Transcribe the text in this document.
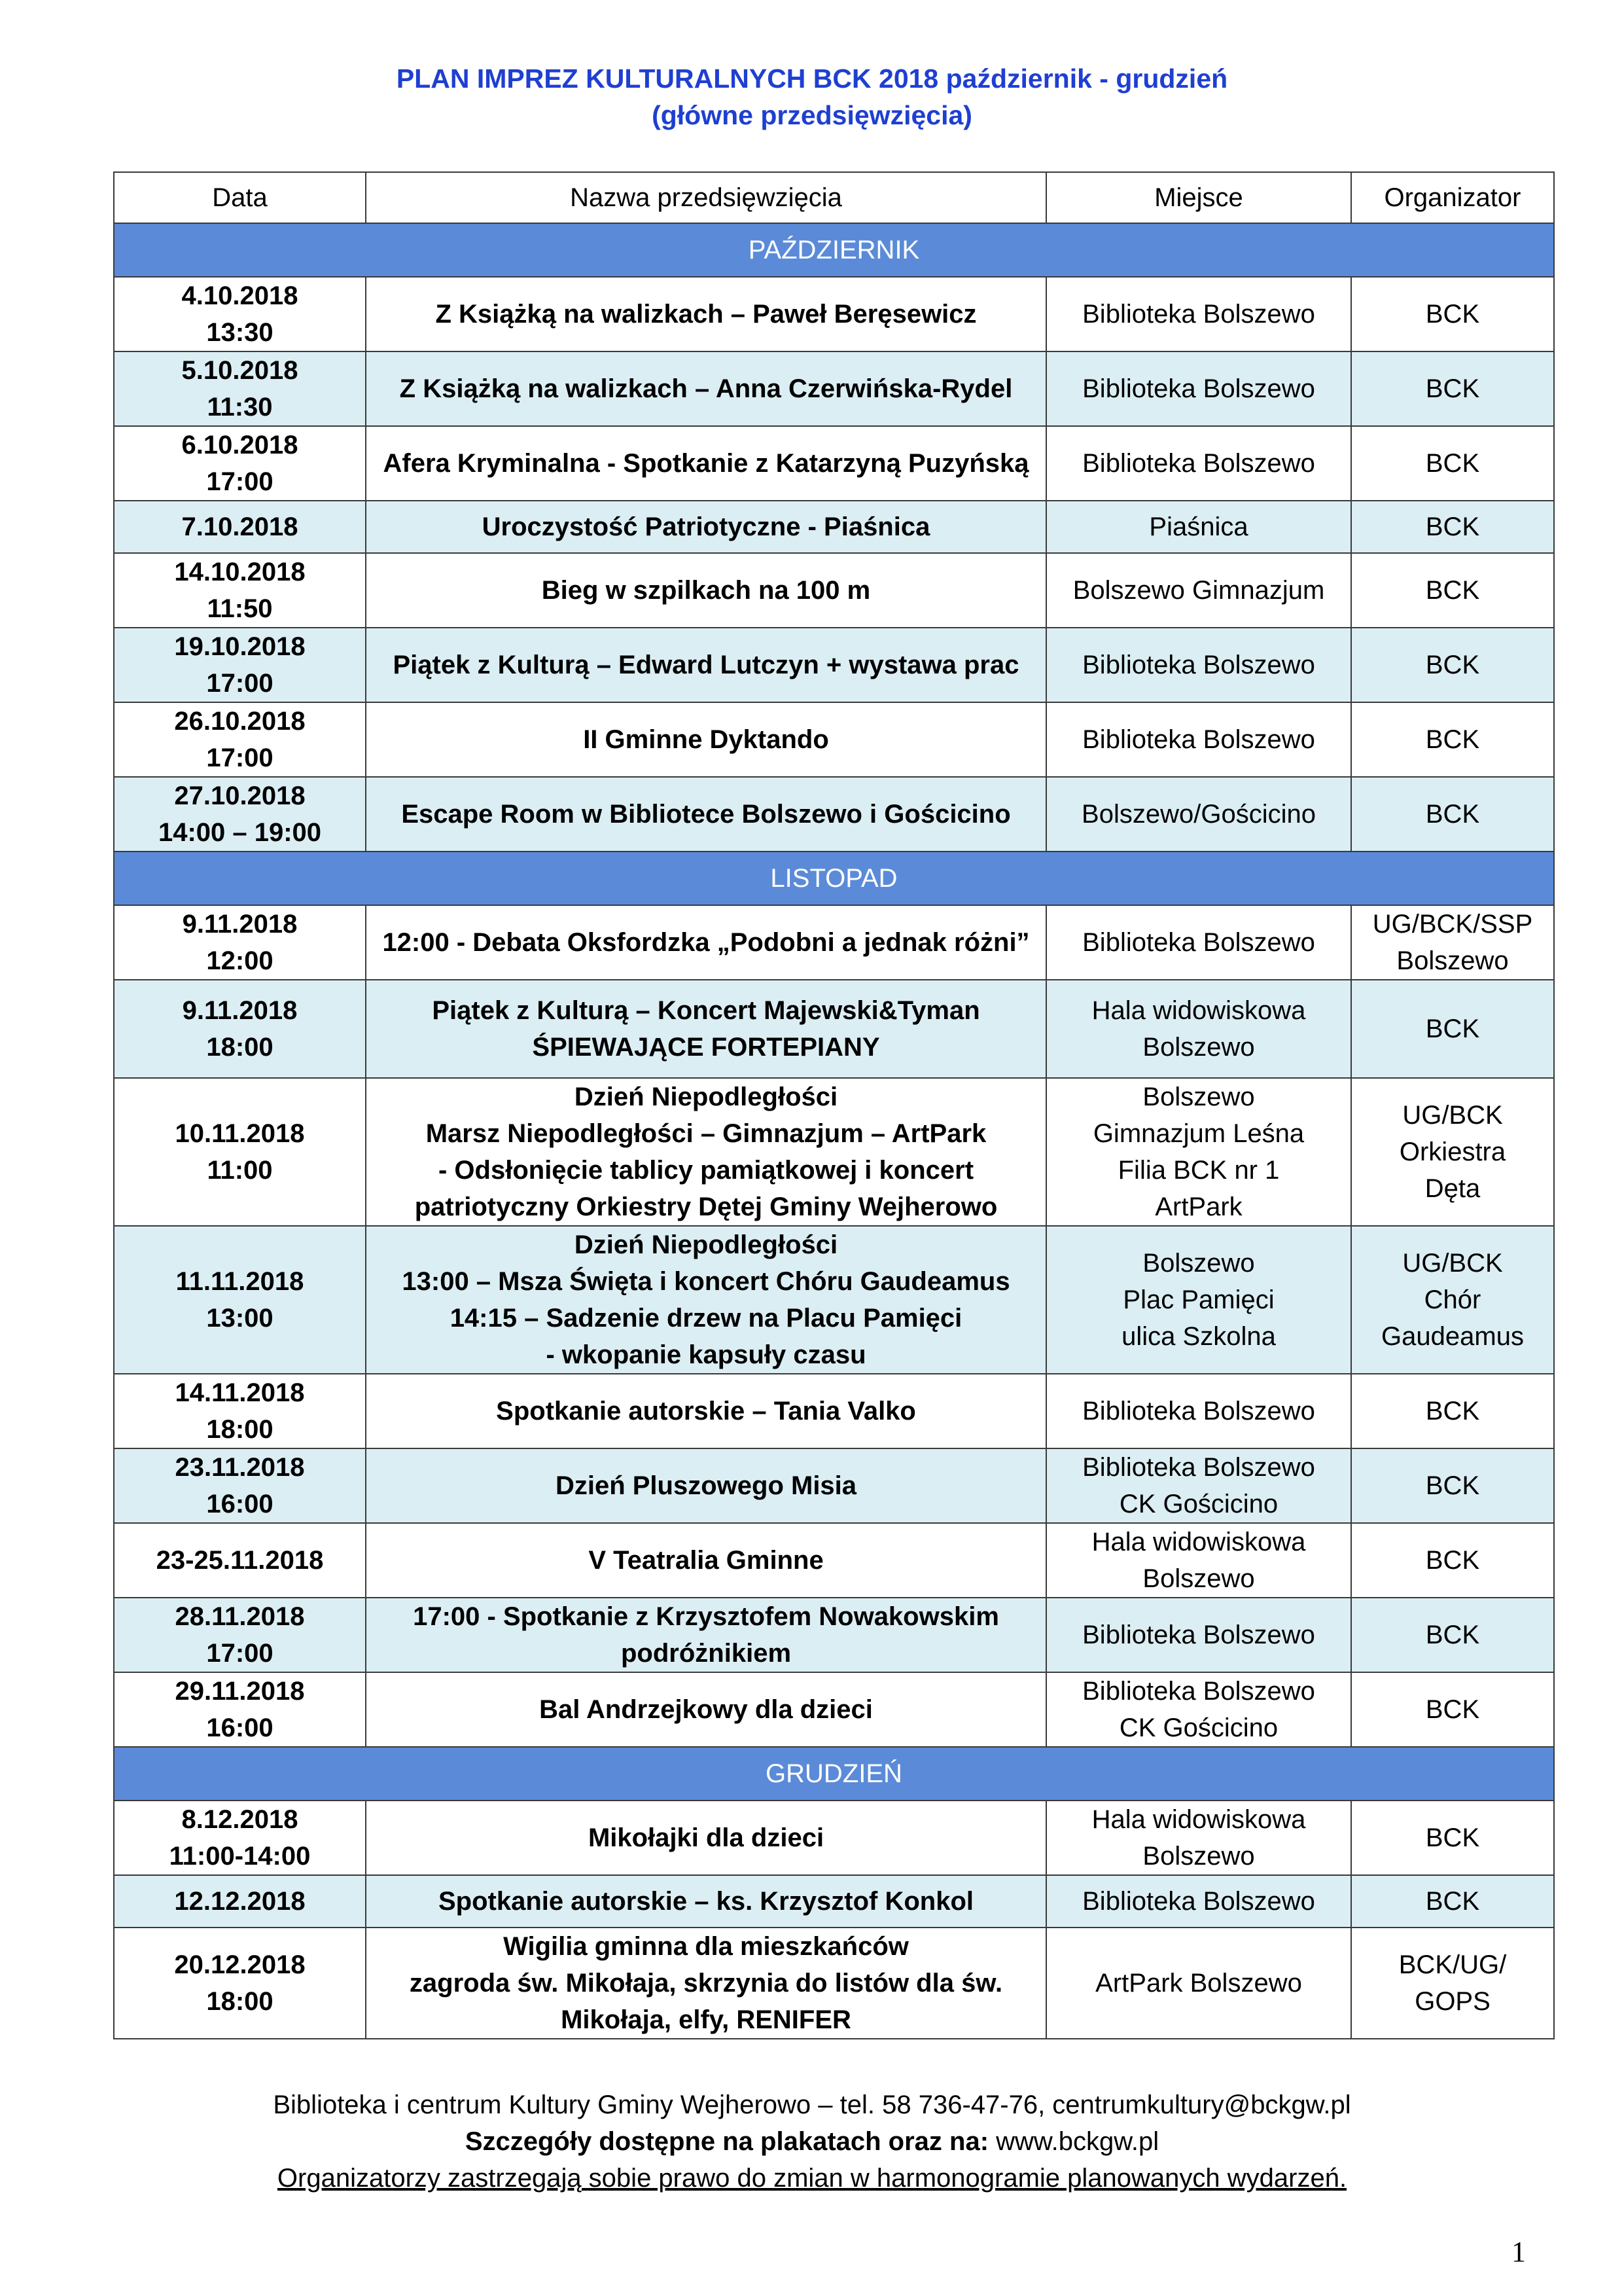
PLAN IMPREZ KULTURALNYCH BCK 2018 październik - grudzień
(główne przedsięwzięcia)
Data	Nazwa przedsięwzięcia	Miejsce	Organizator
PAŹDZIERNIK			

4.10.2018
13:30	Z Książką na walizkach – Paweł Beręsewicz	Biblioteka Bolszewo	BCK

5.10.2018
11:30	Z Książką na walizkach – Anna Czerwińska-Rydel	Biblioteka Bolszewo	BCK

6.10.2018
17:00	Afera Kryminalna - Spotkanie z Katarzyną Puzyńską	Biblioteka Bolszewo	BCK

7.10.2018	Uroczystość Patriotyczne - Piaśnica	Piaśnica	BCK

14.10.2018
11:50	Bieg w szpilkach na 100 m	Bolszewo Gimnazjum	BCK

19.10.2018
17:00	Piątek z Kulturą – Edward Lutczyn + wystawa prac	Biblioteka Bolszewo	BCK

26.10.2018
17:00	II Gminne Dyktando	Biblioteka Bolszewo	BCK

27.10.2018
14:00 – 19:00	Escape Room w Bibliotece Bolszewo i Gościcino	Bolszewo/Gościcino	BCK

LISTOPAD			

9.11.2018
12:00	12:00 - Debata Oksfordzka „Podobni a jednak różni”	Biblioteka Bolszewo	UG/BCK/SSP
Bolszewo

9.11.2018
18:00	Piątek z Kulturą – Koncert Majewski&Tyman
ŚPIEWAJĄCE FORTEPIANY	Hala widowiskowa
Bolszewo	BCK

10.11.2018
11:00	Dzień Niepodległości
Marsz Niepodległości – Gimnazjum – ArtPark
- Odsłonięcie tablicy pamiątkowej i koncert
patriotyczny Orkiestry Dętej Gminy Wejherowo	Bolszewo
Gimnazjum Leśna
Filia BCK nr 1
ArtPark	UG/BCK
Orkiestra
Dęta

11.11.2018
13:00	Dzień Niepodległości
13:00 – Msza Święta i koncert Chóru Gaudeamus
14:15 – Sadzenie drzew na Placu Pamięci
- wkopanie kapsuły czasu	Bolszewo
Plac Pamięci
ulica Szkolna	UG/BCK
Chór
Gaudeamus

14.11.2018
18:00	Spotkanie autorskie – Tania Valko	Biblioteka Bolszewo	BCK

23.11.2018
16:00	Dzień Pluszowego Misia	Biblioteka Bolszewo
CK Gościcino	BCK

23-25.11.2018	V Teatralia Gminne	Hala widowiskowa
Bolszewo	BCK

28.11.2018
17:00	17:00 - Spotkanie z Krzysztofem Nowakowskim
podróżnikiem	Biblioteka Bolszewo	BCK

29.11.2018
16:00	Bal Andrzejkowy dla dzieci	Biblioteka Bolszewo
CK Gościcino	BCK

GRUDZIEŃ			

8.12.2018
11:00-14:00	Mikołajki dla dzieci	Hala widowiskowa
Bolszewo	BCK

12.12.2018	Spotkanie autorskie – ks. Krzysztof Konkol	Biblioteka Bolszewo	BCK

20.12.2018
18:00	Wigilia gminna dla mieszkańców
zagroda św. Mikołaja, skrzynia do listów dla św.
Mikołaja, elfy, RENIFER	ArtPark Bolszewo	BCK/UG/
GOPS
Biblioteka i centrum Kultury Gminy Wejherowo – tel. 58 736-47-76, centrumkultury@bckgw.pl
Szczegóły dostępne na plakatach oraz na: www.bckgw.pl
Organizatorzy zastrzegają sobie prawo do zmian w harmonogramie planowanych wydarzeń.
1
